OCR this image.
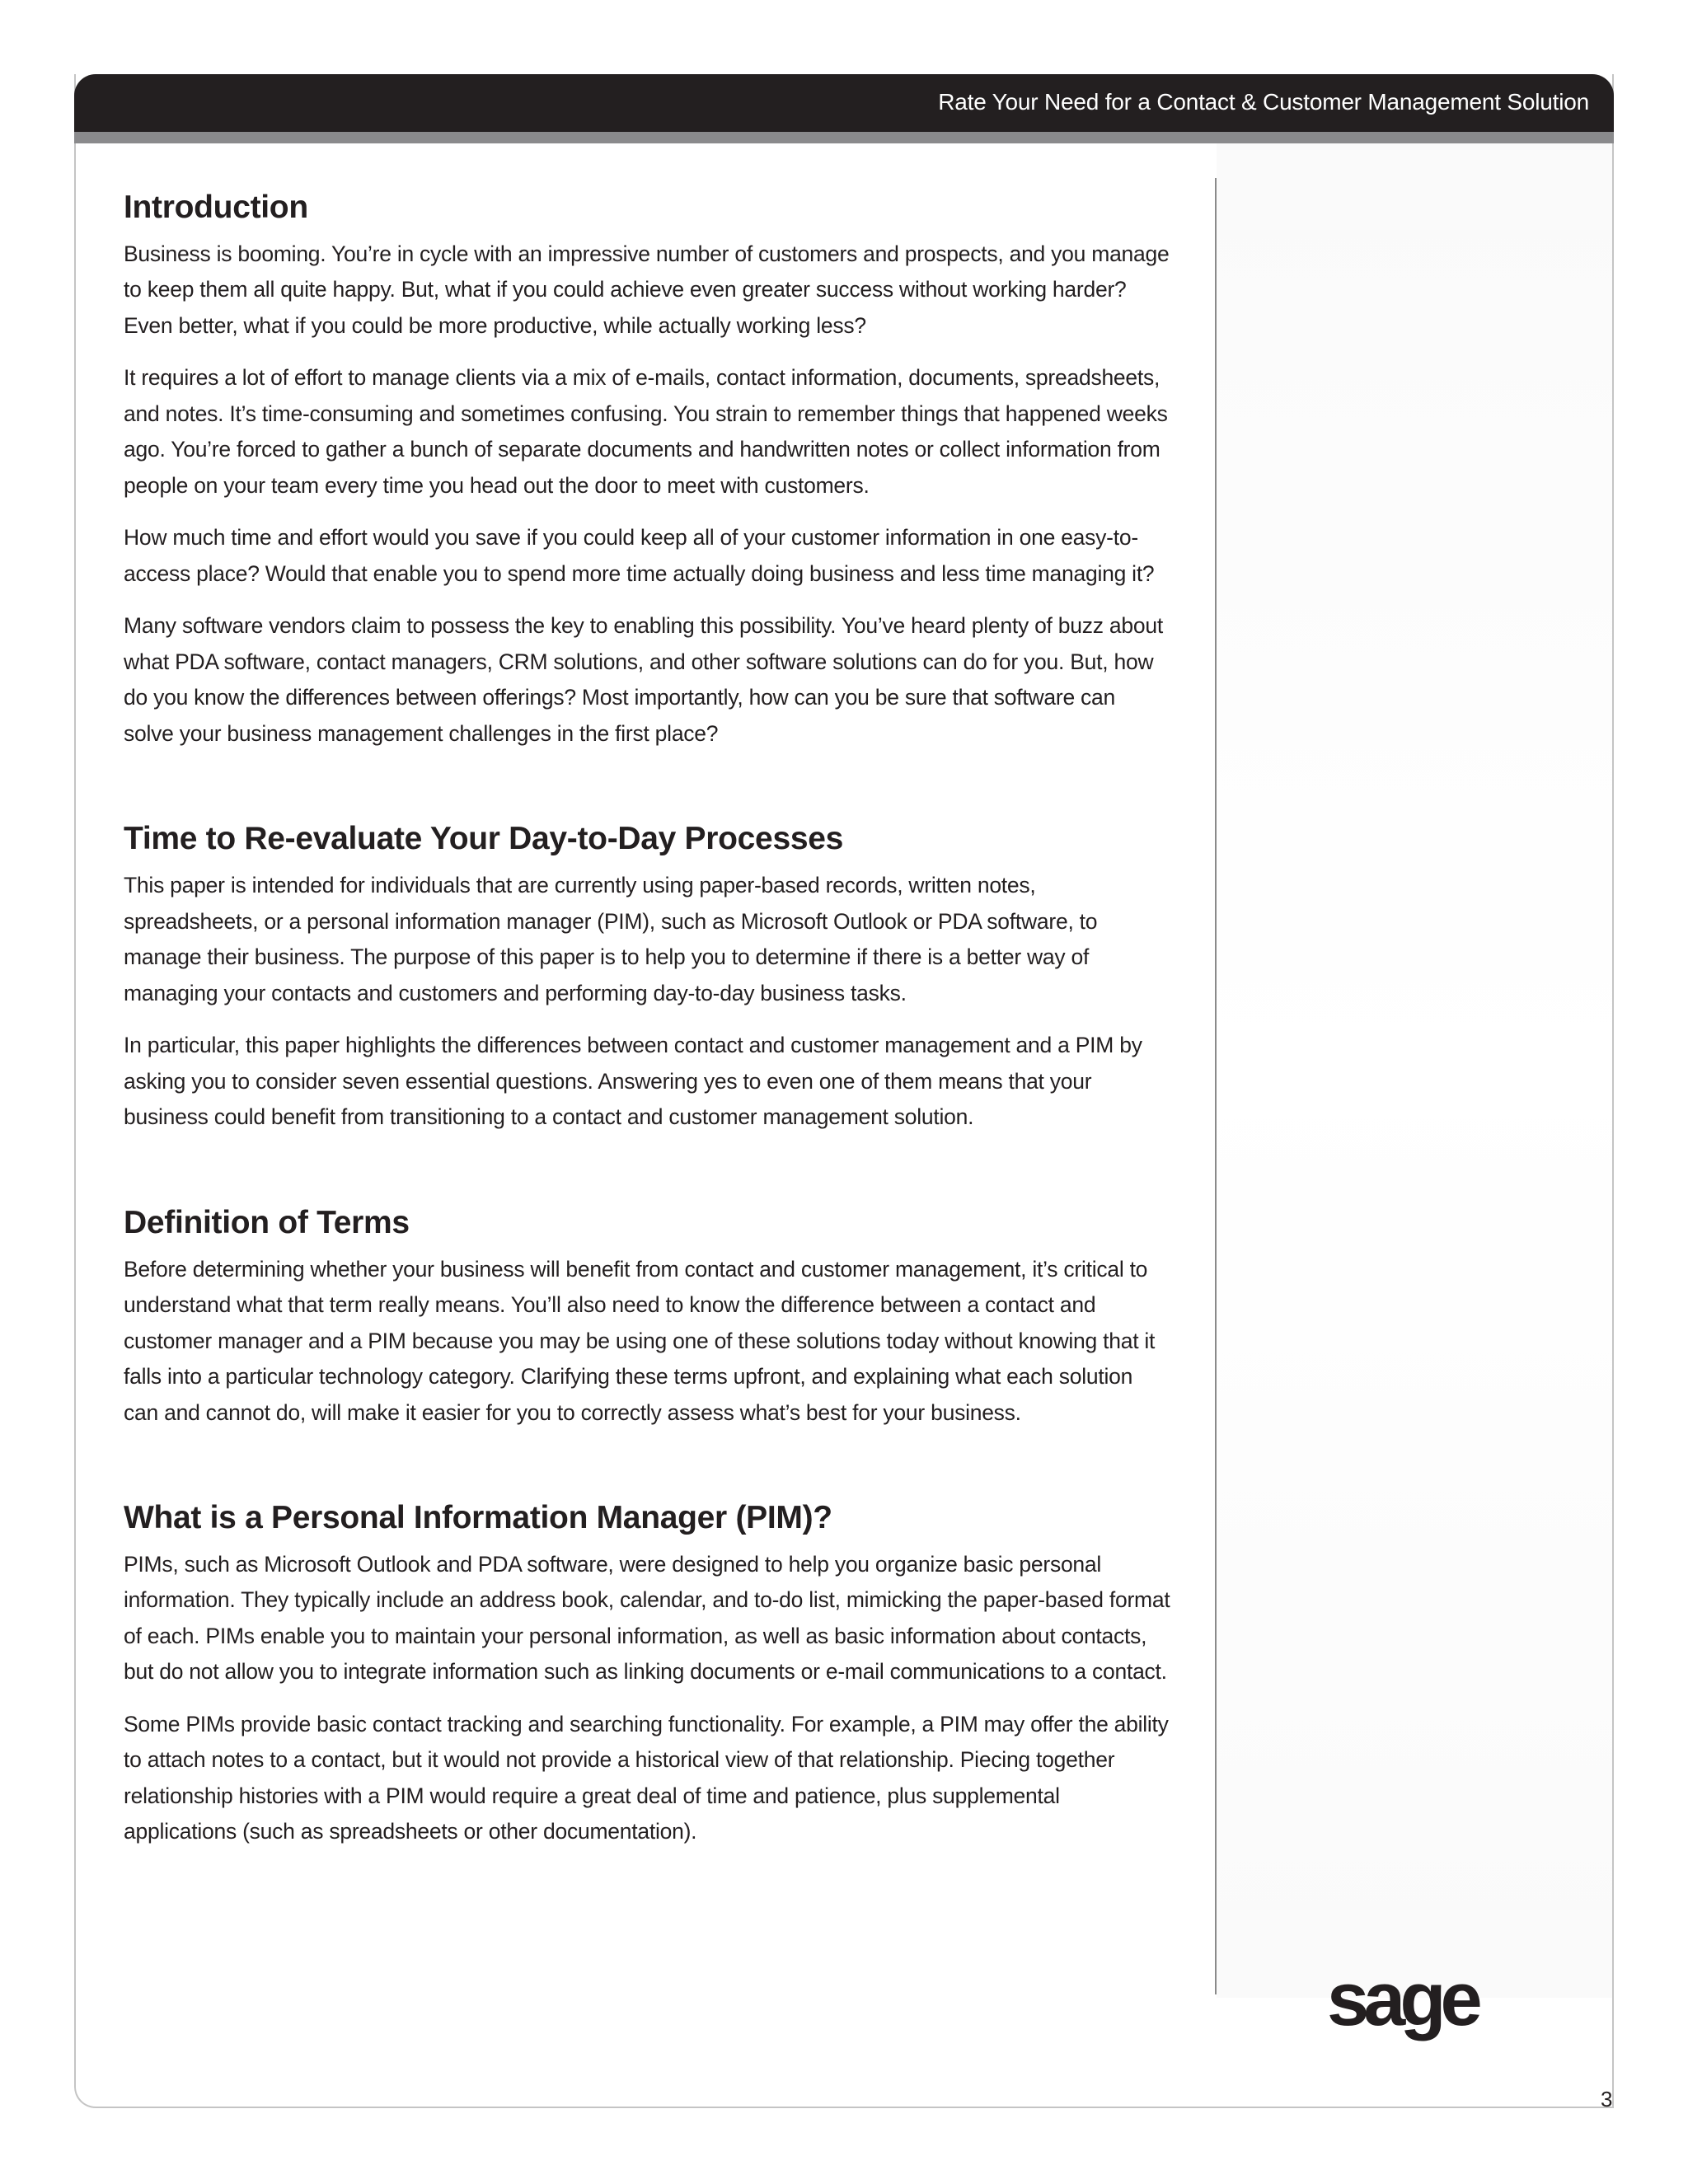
Rate Your Need for a Contact & Customer Management Solution
Introduction

Business is booming. You’re in cycle with an impressive number of customers and prospects, and you manage to keep them all quite happy. But, what if you could achieve even greater success without working harder? Even better, what if you could be more productive, while actually working less?

It requires a lot of effort to manage clients via a mix of e-mails, contact information, documents, spreadsheets, and notes. It’s time-consuming and sometimes confusing. You strain to remember things that happened weeks ago. You’re forced to gather a bunch of separate documents and handwritten notes or collect information from people on your team every time you head out the door to meet with customers.

How much time and effort would you save if you could keep all of your customer information in one easy-to-access place? Would that enable you to spend more time actually doing business and less time managing it?

Many software vendors claim to possess the key to enabling this possibility. You’ve heard plenty of buzz about what PDA software, contact managers, CRM solutions, and other software solutions can do for you. But, how do you know the differences between offerings? Most importantly, how can you be sure that software can solve your business management challenges in the first place?

Time to Re-evaluate Your Day-to-Day Processes

This paper is intended for individuals that are currently using paper-based records, written notes, spreadsheets, or a personal information manager (PIM), such as Microsoft Outlook or PDA software, to manage their business. The purpose of this paper is to help you to determine if there is a better way of managing your contacts and customers and performing day-to-day business tasks.

In particular, this paper highlights the differences between contact and customer management and a PIM by asking you to consider seven essential questions. Answering yes to even one of them means that your business could benefit from transitioning to a contact and customer management solution.

Definition of Terms

Before determining whether your business will benefit from contact and customer management, it’s critical to understand what that term really means. You’ll also need to know the difference between a contact and customer manager and a PIM because you may be using one of these solutions today without knowing that it falls into a particular technology category. Clarifying these terms upfront, and explaining what each solution can and cannot do, will make it easier for you to correctly assess what’s best for your business.

What is a Personal Information Manager (PIM)?

PIMs, such as Microsoft Outlook and PDA software, were designed to help you organize basic personal information. They typically include an address book, calendar, and to-do list, mimicking the paper-based format of each. PIMs enable you to maintain your personal information, as well as basic information about contacts, but do not allow you to integrate information such as linking documents or e-mail communications to a contact.

Some PIMs provide basic contact tracking and searching functionality. For example, a PIM may offer the ability to attach notes to a contact, but it would not provide a historical view of that relationship. Piecing together relationship histories with a PIM would require a great deal of time and patience, plus supplemental applications (such as spreadsheets or other documentation).

sage
3
